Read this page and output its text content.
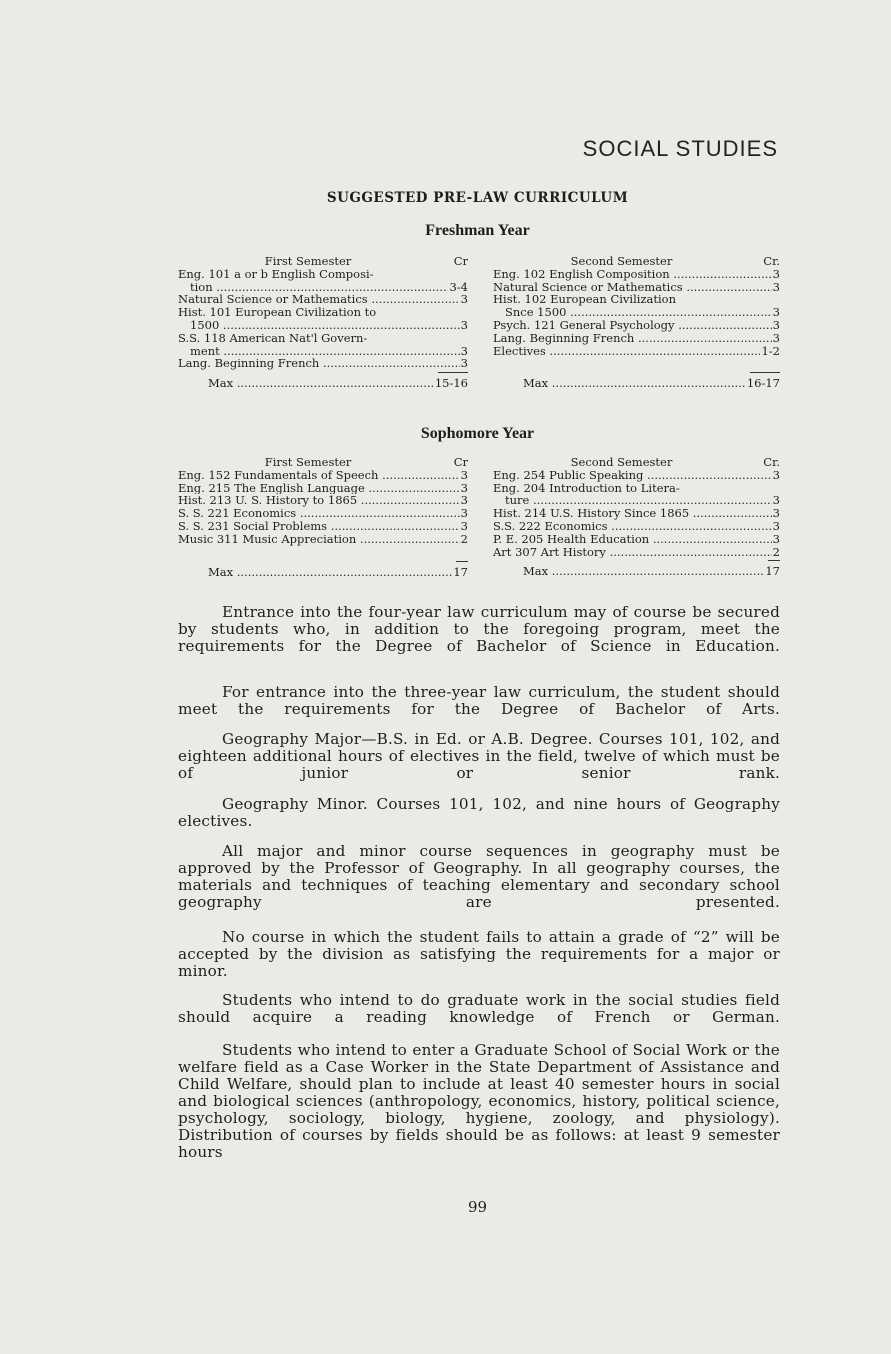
SOCIAL STUDIES
SUGGESTED PRE-LAW CURRICULUM
Freshman Year
First Semester	Cr
Eng. 101 a or b English Composi-
tion .....	3-4
Natural Science or Mathematics .....	3
Hist. 101 European Civilization to
1500 .....	3
S.S. 118 American Nat'l Govern-
ment .....	3
Lang. Beginning French .....	3
Max .....	15-16
Second Semester	Cr.
Eng. 102 English Composition .....	3
Natural Science or Mathematics .....	3
Hist. 102 European Civilization
Snce 1500 .....	3
Psych. 121 General Psychology .....	3
Lang. Beginning French .....	3
Electives .....	1-2
Max .....	16-17
Sophomore Year
First Semester	Cr
Eng. 152 Fundamentals of Speech .....	3
Eng. 215 The English Language .....	3
Hist. 213 U. S. History to 1865 .....	3
S. S. 221 Economics .....	3
S. S. 231 Social Problems .....	3
Music 311 Music Appreciation .....	2
Max .....	17
Second Semester	Cr.
Eng. 254 Public Speaking .....	3
Eng. 204 Introduction to Litera-
ture .....	3
Hist. 214 U.S. History Since 1865 .....	3
S.S. 222 Economics .....	3
P. E. 205 Health Education .....	3
Art 307 Art History .....	2
Max .....	17

Entrance into the four-year law curriculum may of course be secured by students who, in addition to the foregoing program, meet the requirements for the Degree of Bachelor of Science in Education.

For entrance into the three-year law curriculum, the student should meet the requirements for the Degree of Bachelor of Arts.

Geography Major—B.S. in Ed. or A.B. Degree. Courses 101, 102, and eighteen additional hours of electives in the field, twelve of which must be of junior or senior rank.

Geography Minor. Courses 101, 102, and nine hours of Geography electives.

All major and minor course sequences in geography must be approved by the Professor of Geography. In all geography courses, the materials and techniques of teaching elementary and secondary school geography are presented.

No course in which the student fails to attain a grade of “2” will be accepted by the division as satisfying the requirements for a major or minor.

Students who intend to do graduate work in the social studies field should acquire a reading knowledge of French or German.

Students who intend to enter a Graduate School of Social Work or the welfare field as a Case Worker in the State Department of Assistance and Child Welfare, should plan to include at least 40 semester hours in social and biological sciences (anthropology, economics, history, political science, psychology, sociology, biology, hygiene, zoology, and physiology). Distribution of courses by fields should be as follows: at least 9 semester hours

99
